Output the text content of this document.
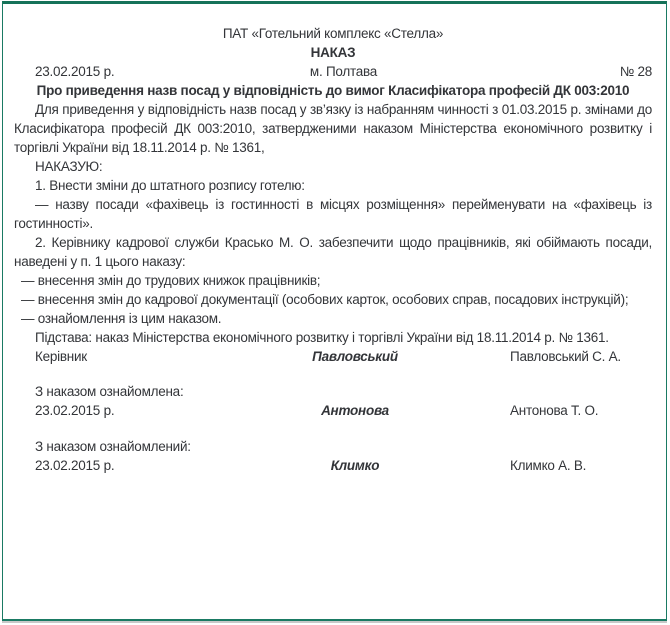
ПАТ «Готельний комплекс «Стелла»

НАКАЗ

23.02.2015 р.	м. Полтава	№ 28

Про приведення назв посад у відповідність до вимог Класифікатора професій ДК 003:2010

Для приведення у відповідність назв посад у зв’язку із набранням чинності з 01.03.2015 р. змінами до Класифікатора професій ДК 003:2010, затвердженими наказом Міністерства економічного розвитку і торгівлі України від 18.11.2014 р. № 1361,

НАКАЗУЮ:

1. Внести зміни до штатного розпису готелю:

— назву посади «фахівець із гостинності в місцях розміщення» перейменувати на «фахівець із гостинності».

2. Керівнику кадрової служби Красько М. О. забезпечити щодо працівників, які обіймають посади, наведені у п. 1 цього наказу:

— внесення змін до трудових книжок працівників;

— внесення змін до кадрової документації (особових карток, особових справ, посадових інструкцій);

— ознайомлення із цим наказом.

Підстава: наказ Міністерства економічного розвитку і торгівлі України від 18.11.2014 р. № 1361.

Керівник	Павловський	Павловський С. А.

З наказом ознайомлена:

23.02.2015 р.	Антонова	Антонова Т. О.

З наказом ознайомлений:

23.02.2015 р.	Климко	Климко А. В.
